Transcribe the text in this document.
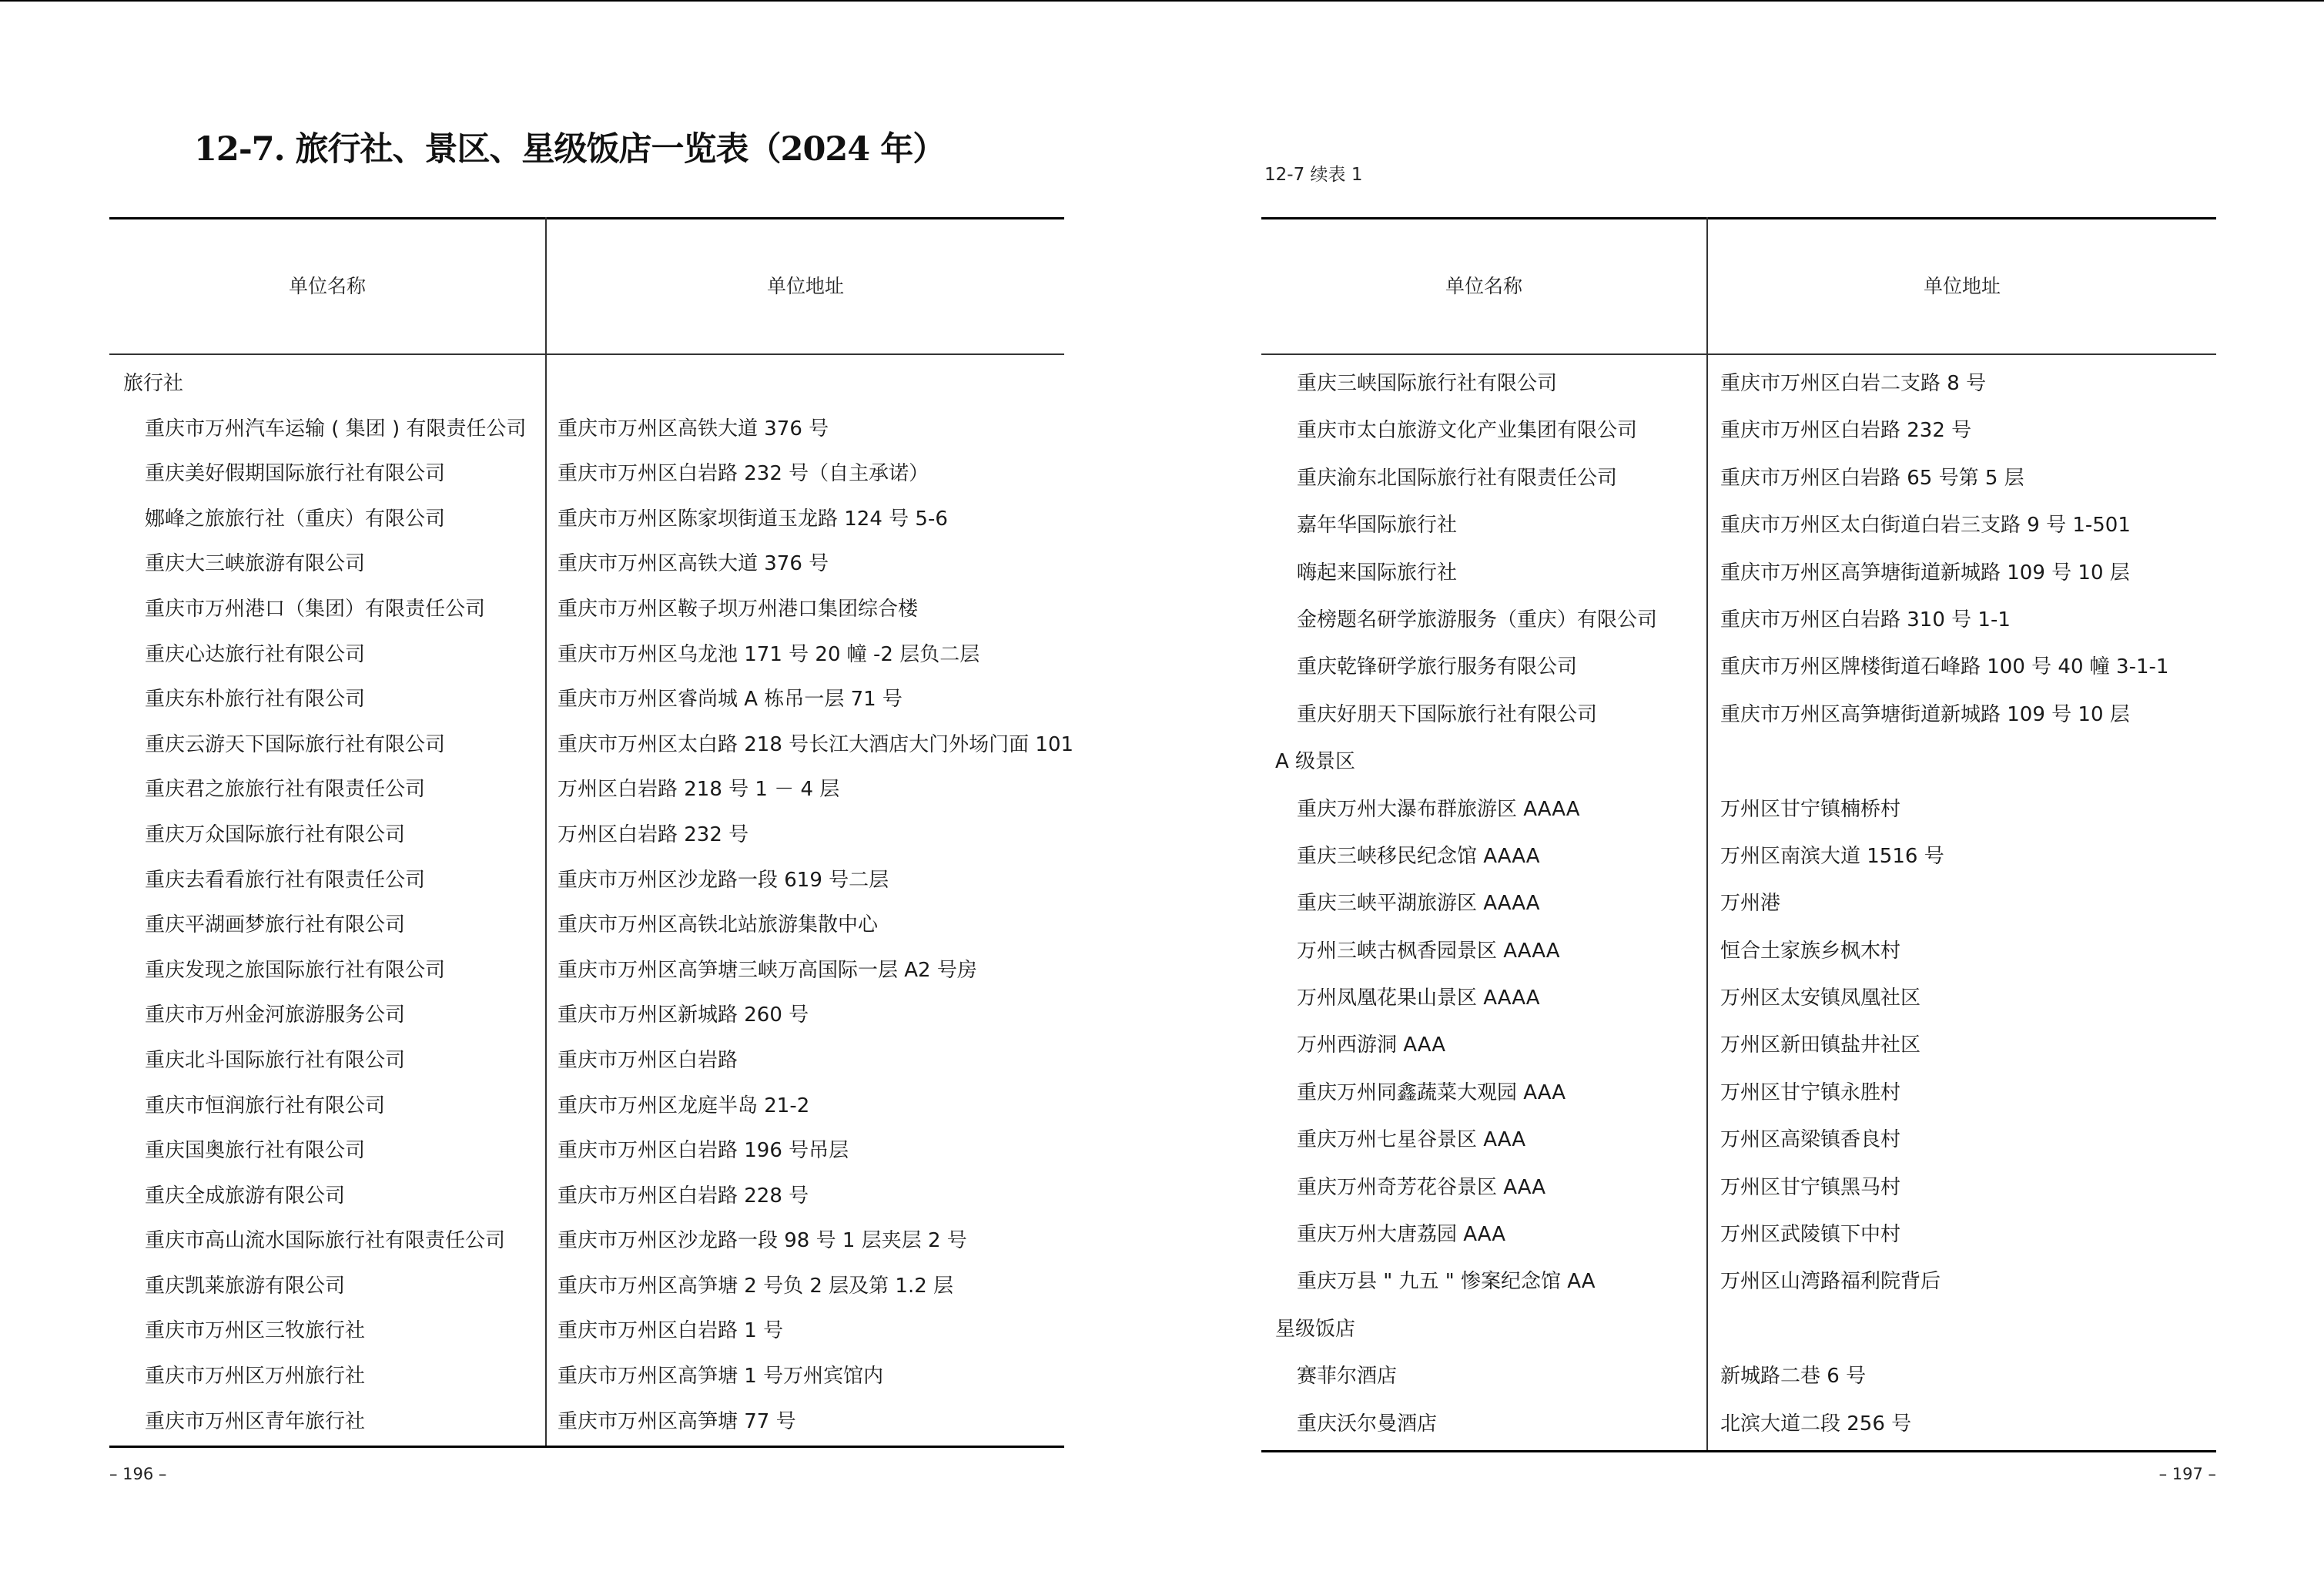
12-7. 旅行社、景区、星级饭店一览表（2024 年）
单位名称	单位地址
旅行社
重庆市万州汽车运输 ( 集团 ) 有限责任公司 重庆市万州区高铁大道 376 号
重庆美好假期国际旅行社有限公司	重庆市万州区白岩路 232 号（自主承诺）
娜峰之旅旅行社（重庆）有限公司	重庆市万州区陈家坝街道玉龙路 124 号 5-6
重庆大三峡旅游有限公司	重庆市万州区高铁大道 376 号
重庆市万州港口（集团）有限责任公司	重庆市万州区鞍子坝万州港口集团综合楼
重庆心达旅行社有限公司	重庆市万州区乌龙池 171 号 20 幢 -2 层负二层
重庆东朴旅行社有限公司	重庆市万州区睿尚城 A 栋吊一层 71 号
重庆云游天下国际旅行社有限公司	重庆市万州区太白路 218 号长江大酒店大门外场门面 101
重庆君之旅旅行社有限责任公司	万州区白岩路 218 号 1 － 4 层
重庆万众国际旅行社有限公司	万州区白岩路 232 号
重庆去看看旅行社有限责任公司	重庆市万州区沙龙路一段 619 号二层
重庆平湖画梦旅行社有限公司	重庆市万州区高铁北站旅游集散中心
重庆发现之旅国际旅行社有限公司	重庆市万州区高笋塘三峡万高国际一层 A2 号房
重庆市万州金河旅游服务公司	重庆市万州区新城路 260 号
重庆北斗国际旅行社有限公司	重庆市万州区白岩路
重庆市恒润旅行社有限公司	重庆市万州区龙庭半岛 21-2
重庆国奥旅行社有限公司	重庆市万州区白岩路 196 号吊层
重庆全成旅游有限公司	重庆市万州区白岩路 228 号
重庆市高山流水国际旅行社有限责任公司	重庆市万州区沙龙路一段 98 号 1 层夹层 2 号
重庆凯莱旅游有限公司	重庆市万州区高笋塘 2 号负 2 层及第 1.2 层
重庆市万州区三牧旅行社	重庆市万州区白岩路 1 号
重庆市万州区万州旅行社	重庆市万州区高笋塘 1 号万州宾馆内
重庆市万州区青年旅行社	重庆市万州区高笋塘 77 号
– 196 –
12-7 续表 1
单位名称	单位地址
重庆三峡国际旅行社有限公司	重庆市万州区白岩二支路 8 号
重庆市太白旅游文化产业集团有限公司	重庆市万州区白岩路 232 号
重庆渝东北国际旅行社有限责任公司	重庆市万州区白岩路 65 号第 5 层
嘉年华国际旅行社	重庆市万州区太白街道白岩三支路 9 号 1-501
嗨起来国际旅行社	重庆市万州区高笋塘街道新城路 109 号 10 层
金榜题名研学旅游服务（重庆）有限公司	重庆市万州区白岩路 310 号 1-1
重庆乾锋研学旅行服务有限公司	重庆市万州区牌楼街道石峰路 100 号 40 幢 3-1-1
重庆好朋天下国际旅行社有限公司	重庆市万州区高笋塘街道新城路 109 号 10 层
A 级景区
重庆万州大瀑布群旅游区 AAAA	万州区甘宁镇楠桥村
重庆三峡移民纪念馆 AAAA	万州区南滨大道 1516 号
重庆三峡平湖旅游区 AAAA	万州港
万州三峡古枫香园景区 AAAA	恒合土家族乡枫木村
万州凤凰花果山景区 AAAA	万州区太安镇凤凰社区
万州西游洞 AAA	万州区新田镇盐井社区
重庆万州同鑫蔬菜大观园 AAA	万州区甘宁镇永胜村
重庆万州七星谷景区 AAA	万州区高梁镇香良村
重庆万州奇芳花谷景区 AAA	万州区甘宁镇黑马村
重庆万州大唐荔园 AAA	万州区武陵镇下中村
重庆万县 " 九五 " 惨案纪念馆 AA	万州区山湾路福利院背后
星级饭店
赛菲尔酒店	新城路二巷 6 号
重庆沃尔曼酒店	北滨大道二段 256 号
– 197 –
